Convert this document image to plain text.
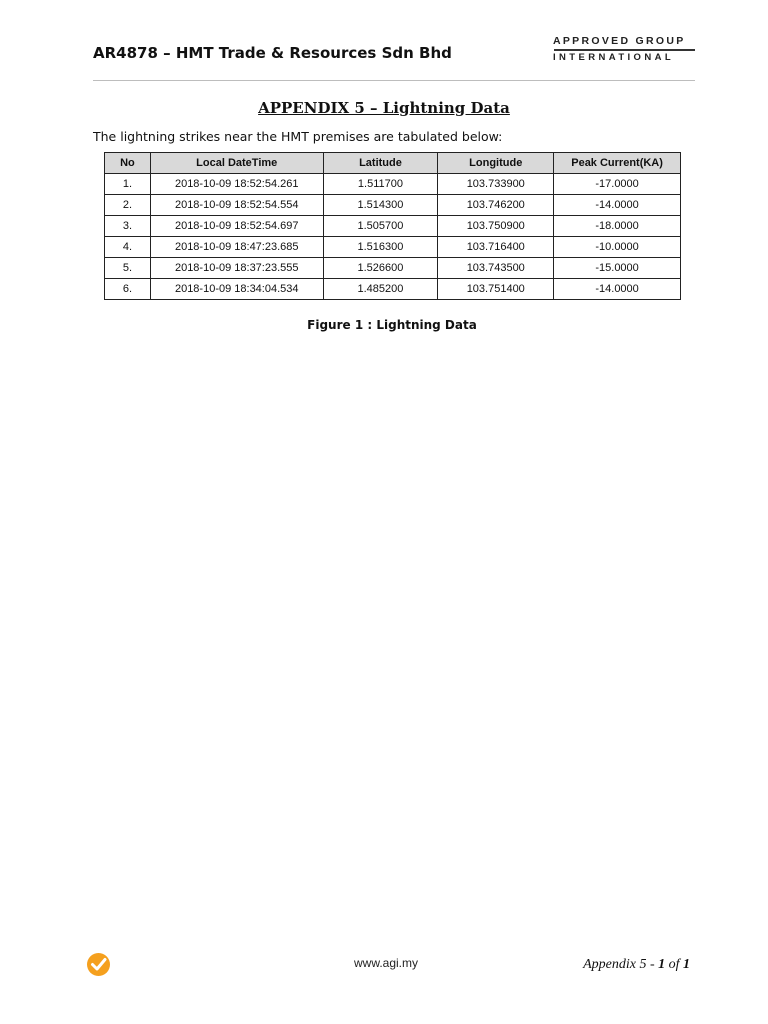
AR4878 – HMT Trade & Resources Sdn Bhd
APPROVED GROUP
INTERNATIONAL
APPENDIX 5 – Lightning Data
The lightning strikes near the HMT premises are tabulated below:
No	Local DateTime	Latitude	Longitude	Peak Current(KA)
1.	2018-10-09 18:52:54.261	1.511700	103.733900	-17.0000
2.	2018-10-09 18:52:54.554	1.514300	103.746200	-14.0000
3.	2018-10-09 18:52:54.697	1.505700	103.750900	-18.0000
4.	2018-10-09 18:47:23.685	1.516300	103.716400	-10.0000
5.	2018-10-09 18:37:23.555	1.526600	103.743500	-15.0000
6.	2018-10-09 18:34:04.534	1.485200	103.751400	-14.0000
Figure 1 : Lightning Data
www.agi.my	Appendix 5 - 1 of 1
